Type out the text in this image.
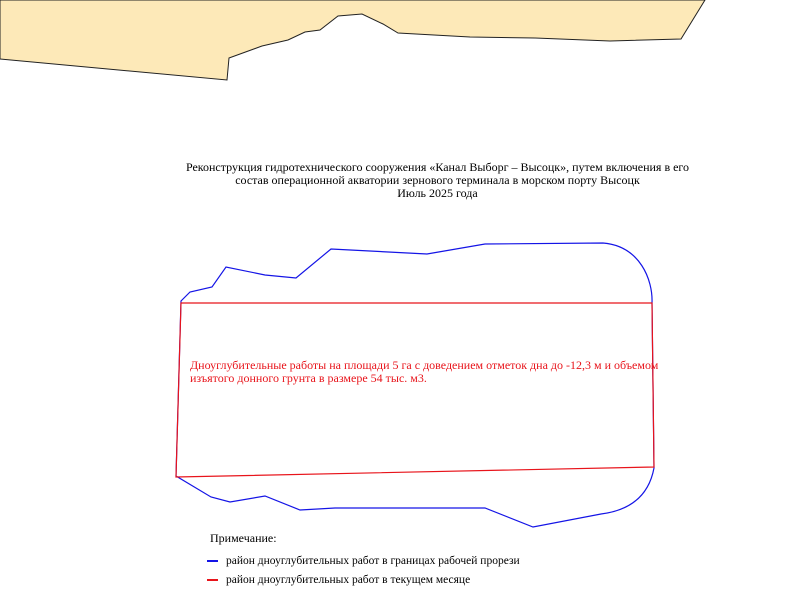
Реконструкция гидротехнического сооружения «Канал Выборг – Высоцк», путем включения в его
состав операционной акватории зернового терминала в морском порту Высоцк
Июль 2025 года
Дноуглубительные работы на площади 5 га с доведением отметок дна до -12,3 м и объемом изъятого донного грунта в размере 54 тыс. м3.
Примечание:
район дноуглубительных работ в границах рабочей прорези
район дноуглубительных работ в текущем месяце
